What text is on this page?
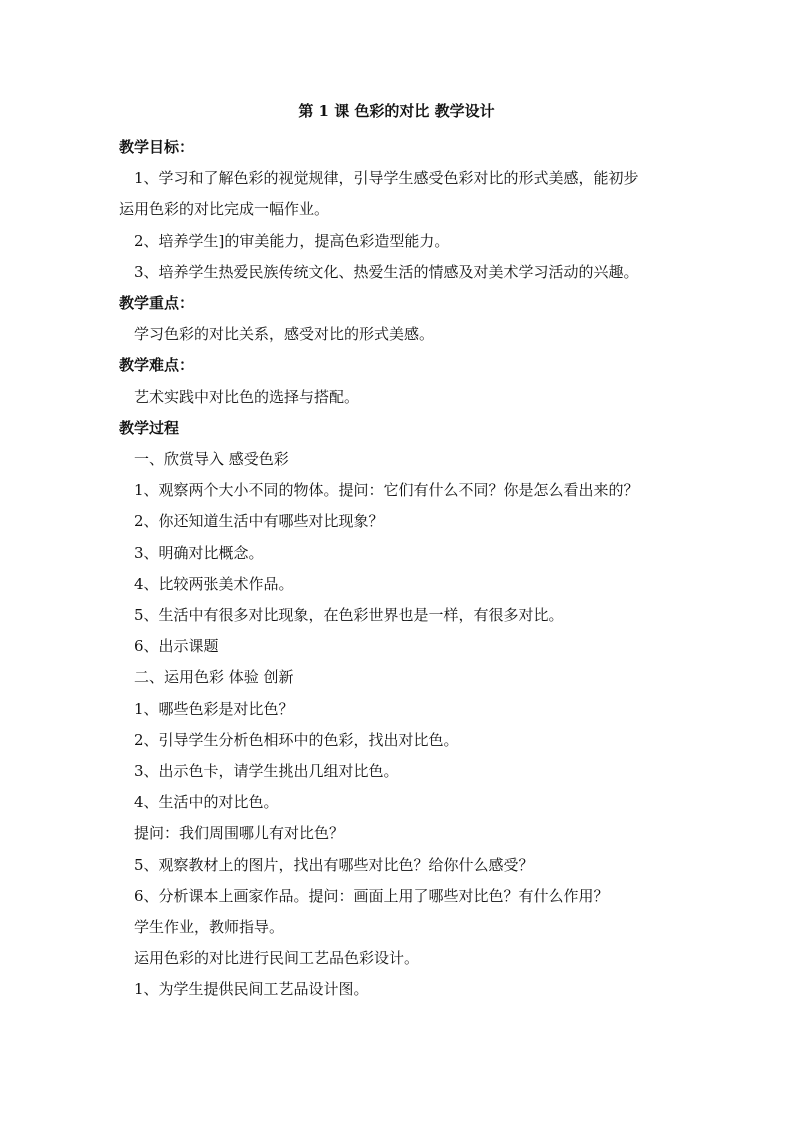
第 1 课 色彩的对比 教学设计
教学目标：
1、学习和了解色彩的视觉规律，引导学生感受色彩对比的形式美感，能初步
运用色彩的对比完成一幅作业。
2、培养学生]的审美能力，提高色彩造型能力。
3、培养学生热爱民族传统文化、热爱生活的情感及对美术学习活动的兴趣。
教学重点：
学习色彩的对比关系，感受对比的形式美感。
教学难点：
艺术实践中对比色的选择与搭配。
教学过程
一、欣赏导入 感受色彩
1、观察两个大小不同的物体。提问：它们有什么不同？你是怎么看出来的？
2、你还知道生活中有哪些对比现象？
3、明确对比概念。
4、比较两张美术作品。
5、生活中有很多对比现象，在色彩世界也是一样，有很多对比。
6、出示课题
二、运用色彩 体验 创新
1、哪些色彩是对比色？
2、引导学生分析色相环中的色彩，找出对比色。
3、出示色卡，请学生挑出几组对比色。
4、生活中的对比色。
提问：我们周围哪儿有对比色？
5、观察教材上的图片，找出有哪些对比色？给你什么感受？
6、分析课本上画家作品。提问：画面上用了哪些对比色？有什么作用？
学生作业，教师指导。
运用色彩的对比进行民间工艺品色彩设计。
1、为学生提供民间工艺品设计图。
